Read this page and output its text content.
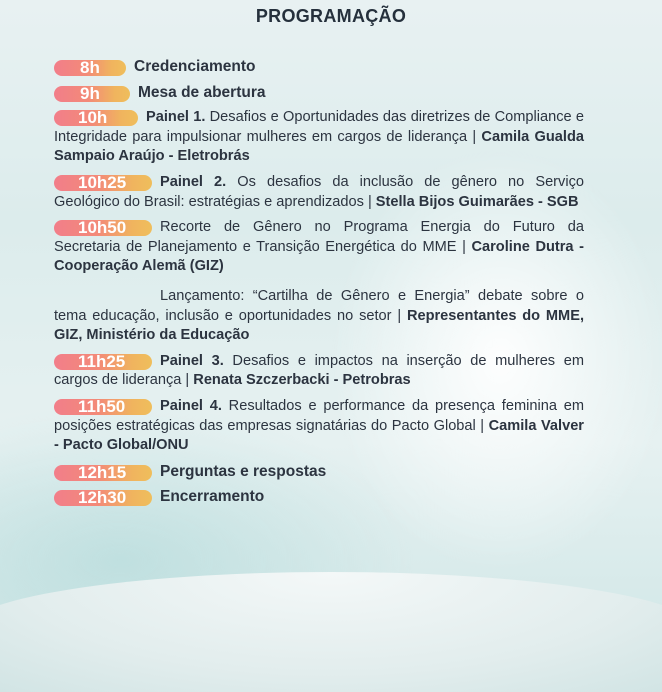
PROGRAMAÇÃO
8h Credenciamento
9h Mesa de abertura
10h	Painel 1. Desafios e Oportunidades das diretrizes de Compliance e Integridade para impulsionar mulheres em cargos de liderança | Camila Gualda Sampaio Araújo - Eletrobrás
10h25 Painel 2. Os desafios da inclusão de gênero no Serviço Geológico do Brasil: estratégias e aprendizados | Stella Bijos Guimarães - SGB
10h50 Recorte de Gênero no Programa Energia do Futuro da Secretaria de Planejamento e Transição Energética do MME | Caroline Dutra - Cooperação Alemã (GIZ)
Lançamento: “Cartilha de Gênero e Energia” debate sobre o tema educação, inclusão e oportunidades no setor | Representantes do MME, GIZ, Ministério da Educação
11h25 Painel 3. Desafios e impactos na inserção de mulheres em cargos de liderança | Renata Szczerbacki - Petrobras
11h50 Painel 4. Resultados e performance da presença feminina em posições estratégicas das empresas signatárias do Pacto Global | Camila Valver - Pacto Global/ONU
12h15 Perguntas e respostas
12h30 Encerramento
